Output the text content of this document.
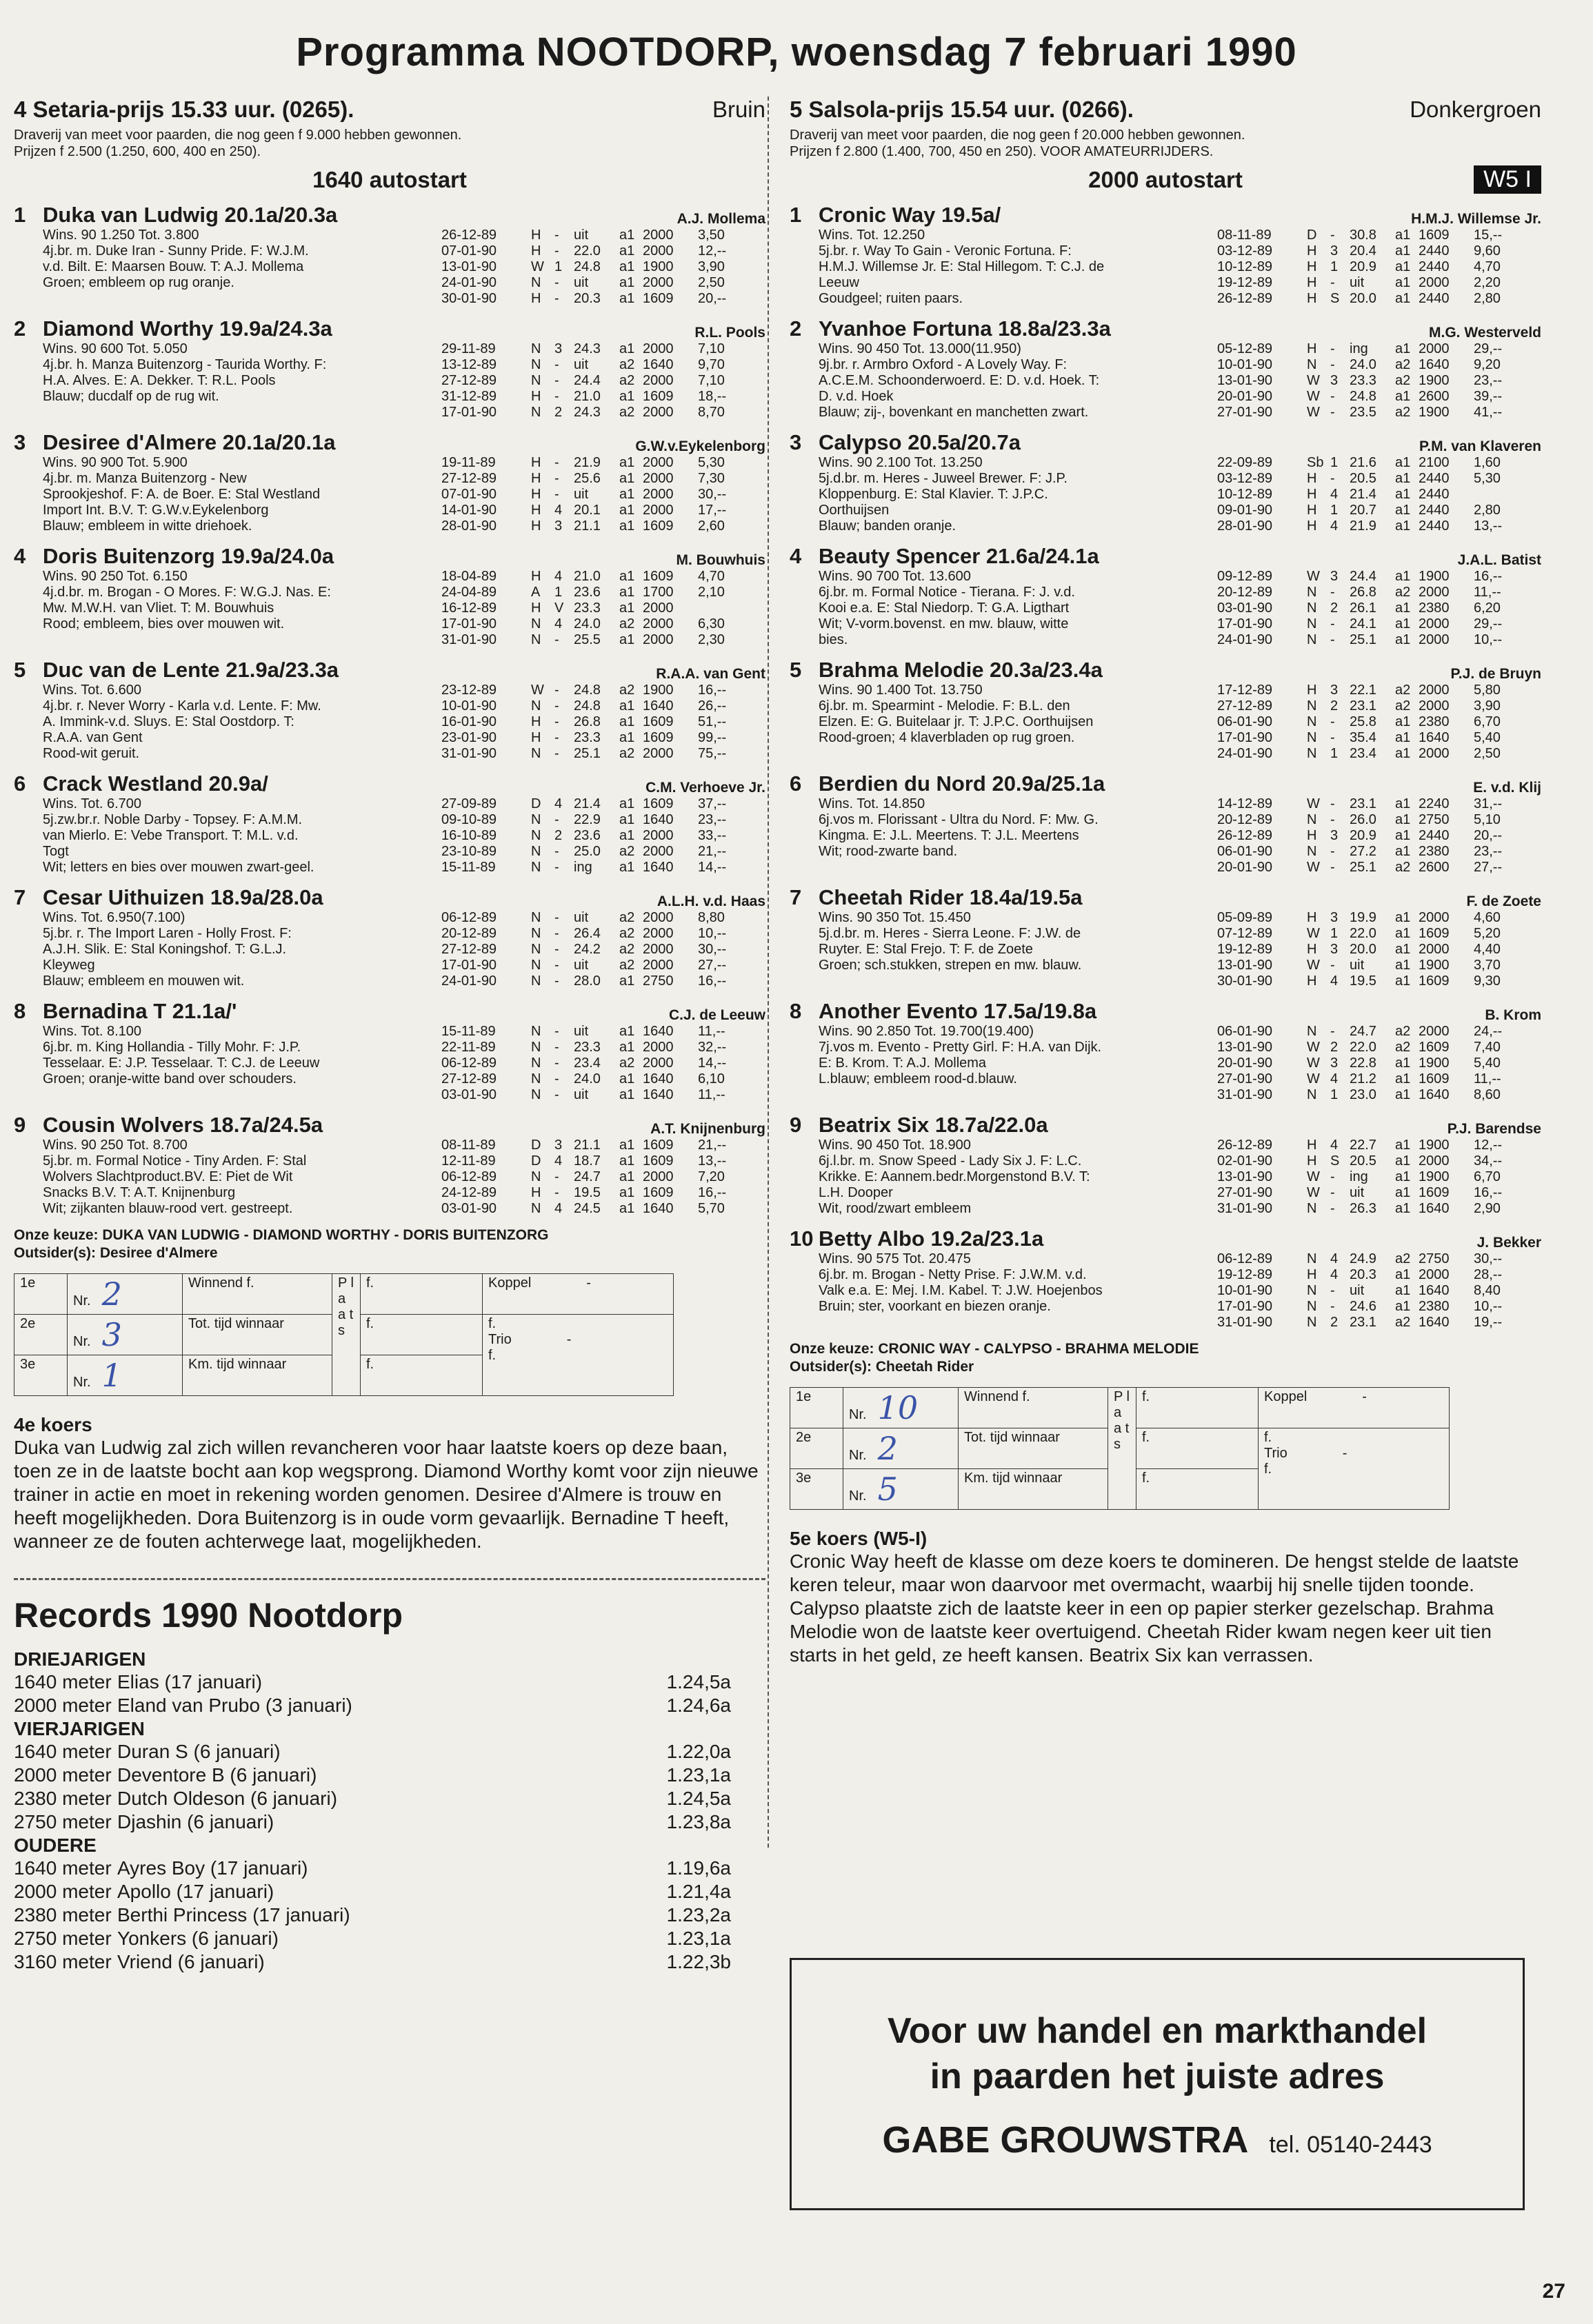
Programma NOOTDORP, woensdag 7 februari 1990
4 Setaria-prijs 15.33 uur. (0265).	Bruin
Draverij van meet voor paarden, die nog geen f 9.000 hebben gewonnen.
Prijzen f 2.500 (1.250, 600, 400 en 250).
1640 autostart
1 Duka van Ludwig 20.1a/20.3a	A.J. Mollema
Wins. 90 1.250 Tot. 3.800
4j.br. m. Duke Iran - Sunny Pride. F: W.J.M.
v.d. Bilt. E: Maarsen Bouw. T: A.J. Mollema
Groen; embleem op rug oranje.
26-12-89	H -	uit	a1 2000	3,50
07-01-90	H -	22.0	a1 2000	12,--
13-01-90	W 1 24.8	a1 1900	3,90
24-01-90	N -	uit	a1 2000	2,50
30-01-90	H -	20.3	a1 1609	20,--
2 Diamond Worthy 19.9a/24.3a	R.L. Pools
Wins. 90 600 Tot. 5.050
4j.br. h. Manza Buitenzorg - Taurida Worthy. F:
H.A. Alves. E: A. Dekker. T: R.L. Pools
Blauw; ducdalf op de rug wit.
29-11-89	N 3 24.3	a1 2000	7,10
13-12-89	N -	uit	a2 1640	9,70
27-12-89	N -	24.4	a2 2000	7,10
31-12-89	H -	21.0	a1 1609	18,--
17-01-90	N 2 24.3	a2 2000	8,70
3 Desiree d'Almere 20.1a/20.1a	G.W.v.Eykelenborg
Wins. 90 900 Tot. 5.900
4j.br. m. Manza Buitenzorg - New
Sprookjeshof. F: A. de Boer. E: Stal Westland
Import Int. B.V. T: G.W.v.Eykelenborg
Blauw; embleem in witte driehoek.
19-11-89	H -	21.9	a1 2000	5,30
27-12-89	H -	25.6	a1 2000	7,30
07-01-90	H -	uit	a1 2000	30,--
14-01-90	H 4 20.1	a1 2000	17,--
28-01-90	H 3 21.1	a1 1609	2,60
4 Doris Buitenzorg 19.9a/24.0a	M. Bouwhuis
Wins. 90 250 Tot. 6.150
4j.d.br. m. Brogan - O Mores. F: W.G.J. Nas. E:
Mw. M.W.H. van Vliet. T: M. Bouwhuis
Rood; embleem, bies over mouwen wit.
18-04-89	H 4 21.0	a1 1609	4,70
24-04-89	A	1 23.6	a1 1700	2,10
16-12-89	H V 23.3	a1 2000
17-01-90	N 4 24.0	a2 2000	6,30
31-01-90	N -	25.5	a1 2000	2,30
5 Duc van de Lente 21.9a/23.3a	R.A.A. van Gent
Wins. Tot. 6.600
4j.br. r. Never Worry - Karla v.d. Lente. F: Mw.
A. Immink-v.d. Sluys. E: Stal Oostdorp. T:
R.A.A. van Gent
Rood-wit geruit.
23-12-89	W -	24.8	a2 1900	16,--
10-01-90	N -	24.8	a1 1640	26,--
16-01-90	H -	26.8	a1 1609	51,--
23-01-90	H -	23.3	a1 1609	99,--
31-01-90	N -	25.1	a2 2000	75,--
6 Crack Westland 20.9a/	C.M. Verhoeve Jr.
Wins. Tot. 6.700
5j.zw.br.r. Noble Darby - Topsey. F: A.M.M.
van Mierlo. E: Vebe Transport. T: M.L. v.d.
Togt
Wit; letters en bies over mouwen zwart-geel.
27-09-89	D 4 21.4	a1 1609	37,--
09-10-89	N -	22.9	a1 1640	23,--
16-10-89	N 2 23.6	a1 2000	33,--
23-10-89	N -	25.0	a2 2000	21,--
15-11-89	N -	ing	a1 1640	14,--
7 Cesar Uithuizen 18.9a/28.0a	A.L.H. v.d. Haas
Wins. Tot. 6.950(7.100)
5j.br. r. The Import Laren - Holly Frost. F:
A.J.H. Slik. E: Stal Koningshof. T: G.L.J.
Kleyweg
Blauw; embleem en mouwen wit.
06-12-89	N -	uit	a2 2000	8,80
20-12-89	N -	26.4	a2 2000	10,--
27-12-89	N -	24.2	a2 2000	30,--
17-01-90	N -	uit	a2 2000	27,--
24-01-90	N -	28.0	a1 2750	16,--
8 Bernadina T 21.1a/'	C.J. de Leeuw
Wins. Tot. 8.100
6j.br. m. King Hollandia - Tilly Mohr. F: J.P.
Tesselaar. E: J.P. Tesselaar. T: C.J. de Leeuw
Groen; oranje-witte band over schouders.
15-11-89	N -	uit	a1 1640	11,--
22-11-89	N -	23.3	a1 2000	32,--
06-12-89	N -	23.4	a2 2000	14,--
27-12-89	N -	24.0	a1 1640	6,10
03-01-90	N -	uit	a1 1640	11,--
9 Cousin Wolvers 18.7a/24.5a	A.T. Knijnenburg
Wins. 90 250 Tot. 8.700
5j.br. m. Formal Notice - Tiny Arden. F: Stal
Wolvers Slachtproduct.BV. E: Piet de Wit
Snacks B.V. T: A.T. Knijnenburg
Wit; zijkanten blauw-rood vert. gestreept.
08-11-89	D 3 21.1	a1 1609	21,--
12-11-89	D 4 18.7	a1 1609	13,--
06-12-89	N -	24.7	a1 2000	7,20
24-12-89	H -	19.5	a1 1609	16,--
03-01-90	N 4 24.5	a1 1640	5,70
Onze keuze: DUKA VAN LUDWIG - DIAMOND WORTHY - DORIS BUITENZORG
Outsider(s): Desiree d'Almere
1e	Nr. 2	Winnend f.	P l a a t s	f.	Koppel -
2e	Nr. 3	Tot. tijd winnaar		f.	f.
Trio -
f.

3e	Nr. 1	Km. tijd winnaar		f.	
4e koers
Duka van Ludwig zal zich willen revancheren voor haar laatste koers op deze baan, toen ze in de laatste bocht aan kop wegsprong. Diamond Worthy komt voor zijn nieuwe trainer in actie en moet in rekening worden genomen. Desiree d'Almere is trouw en heeft mogelijkheden. Dora Buitenzorg is in oude vorm gevaarlijk. Bernadine T heeft, wanneer ze de fouten achterwege laat, mogelijkheden.
Records 1990 Nootdorp
DRIEJARIGEN
1640 meter Elias (17 januari)	1.24,5a
2000 meter Eland van Prubo (3 januari)	1.24,6a
VIERJARIGEN
1640 meter Duran S (6 januari)	1.22,0a
2000 meter Deventore B (6 januari)	1.23,1a
2380 meter Dutch Oldeson (6 januari)	1.24,5a
2750 meter Djashin (6 januari)	1.23,8a
OUDERE
1640 meter Ayres Boy (17 januari)	1.19,6a
2000 meter Apollo (17 januari)	1.21,4a
2380 meter Berthi Princess (17 januari)	1.23,2a
2750 meter Yonkers (6 januari)	1.23,1a
3160 meter Vriend (6 januari)	1.22,3b
5 Salsola-prijs 15.54 uur. (0266).	Donkergroen
Draverij van meet voor paarden, die nog geen f 20.000 hebben gewonnen.
Prijzen f 2.800 (1.400, 700, 450 en 250). VOOR AMATEURRIJDERS.
2000 autostart	W5 I
1 Cronic Way 19.5a/	H.M.J. Willemse Jr.
Wins. Tot. 12.250
5j.br. r. Way To Gain - Veronic Fortuna. F:
H.M.J. Willemse Jr. E: Stal Hillegom. T: C.J. de
Leeuw
Goudgeel; ruiten paars.
08-11-89	D -	30.8	a1 1609	15,--
03-12-89	H 3 20.4	a1 2440	9,60
10-12-89	H 1 20.9	a1 2440	4,70
19-12-89	H -	uit	a1 2000	2,20
26-12-89	H S 20.0	a1 2440	2,80
2 Yvanhoe Fortuna 18.8a/23.3a	M.G. Westerveld
Wins. 90 450 Tot. 13.000(11.950)
9j.br. r. Armbro Oxford - A Lovely Way. F:
A.C.E.M. Schoonderwoerd. E: D. v.d. Hoek. T:
D. v.d. Hoek
Blauw; zij-, bovenkant en manchetten zwart.
05-12-89	H -	ing	a1 2000	29,--
10-01-90	N -	24.0	a2 1640	9,20
13-01-90	W 3 23.3	a2 1900	23,--
20-01-90	W -	24.8	a1 2600	39,--
27-01-90	W -	23.5	a2 1900	41,--
3 Calypso 20.5a/20.7a	P.M. van Klaveren
Wins. 90 2.100 Tot. 13.250
5j.d.br. m. Heres - Juweel Brewer. F: J.P.
Kloppenburg. E: Stal Klavier. T: J.P.C.
Oorthuijsen
Blauw; banden oranje.
22-09-89	Sb 1 21.6	a1 2100	1,60
03-12-89	H -	20.5	a1 2440	5,30
10-12-89	H 4 21.4	a1 2440
09-01-90	H 1 20.7	a1 2440	2,80
28-01-90	H 4 21.9	a1 2440	13,--
4 Beauty Spencer 21.6a/24.1a	J.A.L. Batist
Wins. 90 700 Tot. 13.600
6j.br. m. Formal Notice - Tierana. F: J. v.d.
Kooi e.a. E: Stal Niedorp. T: G.A. Ligthart
Wit; V-vorm.bovenst. en mw. blauw, witte
bies.
09-12-89	W 3 24.4	a1 1900	16,--
20-12-89	N -	26.8	a2 2000	11,--
03-01-90	N 2 26.1	a1 2380	6,20
17-01-90	N -	24.1	a1 2000	29,--
24-01-90	N -	25.1	a1 2000	10,--
5 Brahma Melodie 20.3a/23.4a	P.J. de Bruyn
Wins. 90 1.400 Tot. 13.750
6j.br. m. Spearmint - Melodie. F: B.L. den
Elzen. E: G. Buitelaar jr. T: J.P.C. Oorthuijsen
Rood-groen; 4 klaverbladen op rug groen.
17-12-89	H 3 22.1	a2 2000	5,80
27-12-89	N 2 23.1	a2 2000	3,90
06-01-90	N -	25.8	a1 2380	6,70
17-01-90	N -	35.4	a1 1640	5,40
24-01-90	N 1 23.4	a1 2000	2,50
6 Berdien du Nord 20.9a/25.1a	E. v.d. Klij
Wins. Tot. 14.850
6j.vos m. Florissant - Ultra du Nord. F: Mw. G.
Kingma. E: J.L. Meertens. T: J.L. Meertens
Wit; rood-zwarte band.
14-12-89	W -	23.1	a1 2240	31,--
20-12-89	N -	26.0	a1 2750	5,10
26-12-89	H 3 20.9	a1 2440	20,--
06-01-90	N -	27.2	a1 2380	23,--
20-01-90	W -	25.1	a2 2600	27,--
7 Cheetah Rider 18.4a/19.5a	F. de Zoete
Wins. 90 350 Tot. 15.450
5j.d.br. m. Heres - Sierra Leone. F: J.W. de
Ruyter. E: Stal Frejo. T: F. de Zoete
Groen; sch.stukken, strepen en mw. blauw.
05-09-89	H 3 19.9	a1 2000	4,60
07-12-89	W 1 22.0	a1 1609	5,20
19-12-89	H 3 20.0	a1 2000	4,40
13-01-90	W -	uit	a1 1900	3,70
30-01-90	H 4 19.5	a1 1609	9,30
8 Another Evento 17.5a/19.8a	B. Krom
Wins. 90 2.850 Tot. 19.700(19.400)
7j.vos m. Evento - Pretty Girl. F: H.A. van Dijk.
E: B. Krom. T: A.J. Mollema
L.blauw; embleem rood-d.blauw.
06-01-90	N -	24.7	a2 2000	24,--
13-01-90	W 2 22.0	a2 1609	7,40
20-01-90	W 3 22.8	a1 1900	5,40
27-01-90	W 4 21.2	a1 1609	11,--
31-01-90	N 1 23.0	a1 1640	8,60
9 Beatrix Six 18.7a/22.0a	P.J. Barendse
Wins. 90 450 Tot. 18.900
6j.l.br. m. Snow Speed - Lady Six J. F: L.C.
Krikke. E: Aannem.bedr.Morgenstond B.V. T:
L.H. Dooper
Wit, rood/zwart embleem
26-12-89	H 4 22.7	a1 1900	12,--
02-01-90	H S 20.5	a1 2000	34,--
13-01-90	W -	ing	a1 1900	6,70
27-01-90	W -	uit	a1 1609	16,--
31-01-90	N -	26.3	a1 1640	2,90
10 Betty Albo 19.2a/23.1a	J. Bekker
Wins. 90 575 Tot. 20.475
6j.br. m. Brogan - Netty Prise. F: J.W.M. v.d.
Valk e.a. E: Mej. I.M. Kabel. T: J.W. Hoejenbos
Bruin; ster, voorkant en biezen oranje.
06-12-89	N 4 24.9	a2 2750	30,--
19-12-89	H 4 20.3	a1 2000	28,--
10-01-90	N -	uit	a1 1640	8,40
17-01-90	N -	24.6	a1 2380	10,--
31-01-90	N 2 23.1	a2 1640	19,--
Onze keuze: CRONIC WAY - CALYPSO - BRAHMA MELODIE
Outsider(s): Cheetah Rider
1e	Nr. 10	Winnend f.	P l a a t s	f.	Koppel -
2e	Nr. 2	Tot. tijd winnaar		f.	f.
Trio -
f.

3e	Nr. 5	Km. tijd winnaar		f.	
5e koers (W5-I)
Cronic Way heeft de klasse om deze koers te domineren. De hengst stelde de laatste keren teleur, maar won daarvoor met overmacht, waarbij hij snelle tijden toonde. Calypso plaatste zich de laatste keer in een op papier sterker gezelschap. Brahma Melodie won de laatste keer overtuigend. Cheetah Rider kwam negen keer uit tien starts in het geld, ze heeft kansen. Beatrix Six kan verrassen.
Voor uw handel en markthandel
in paarden het juiste adres
GABE GROUWSTRA tel. 05140-2443
27
